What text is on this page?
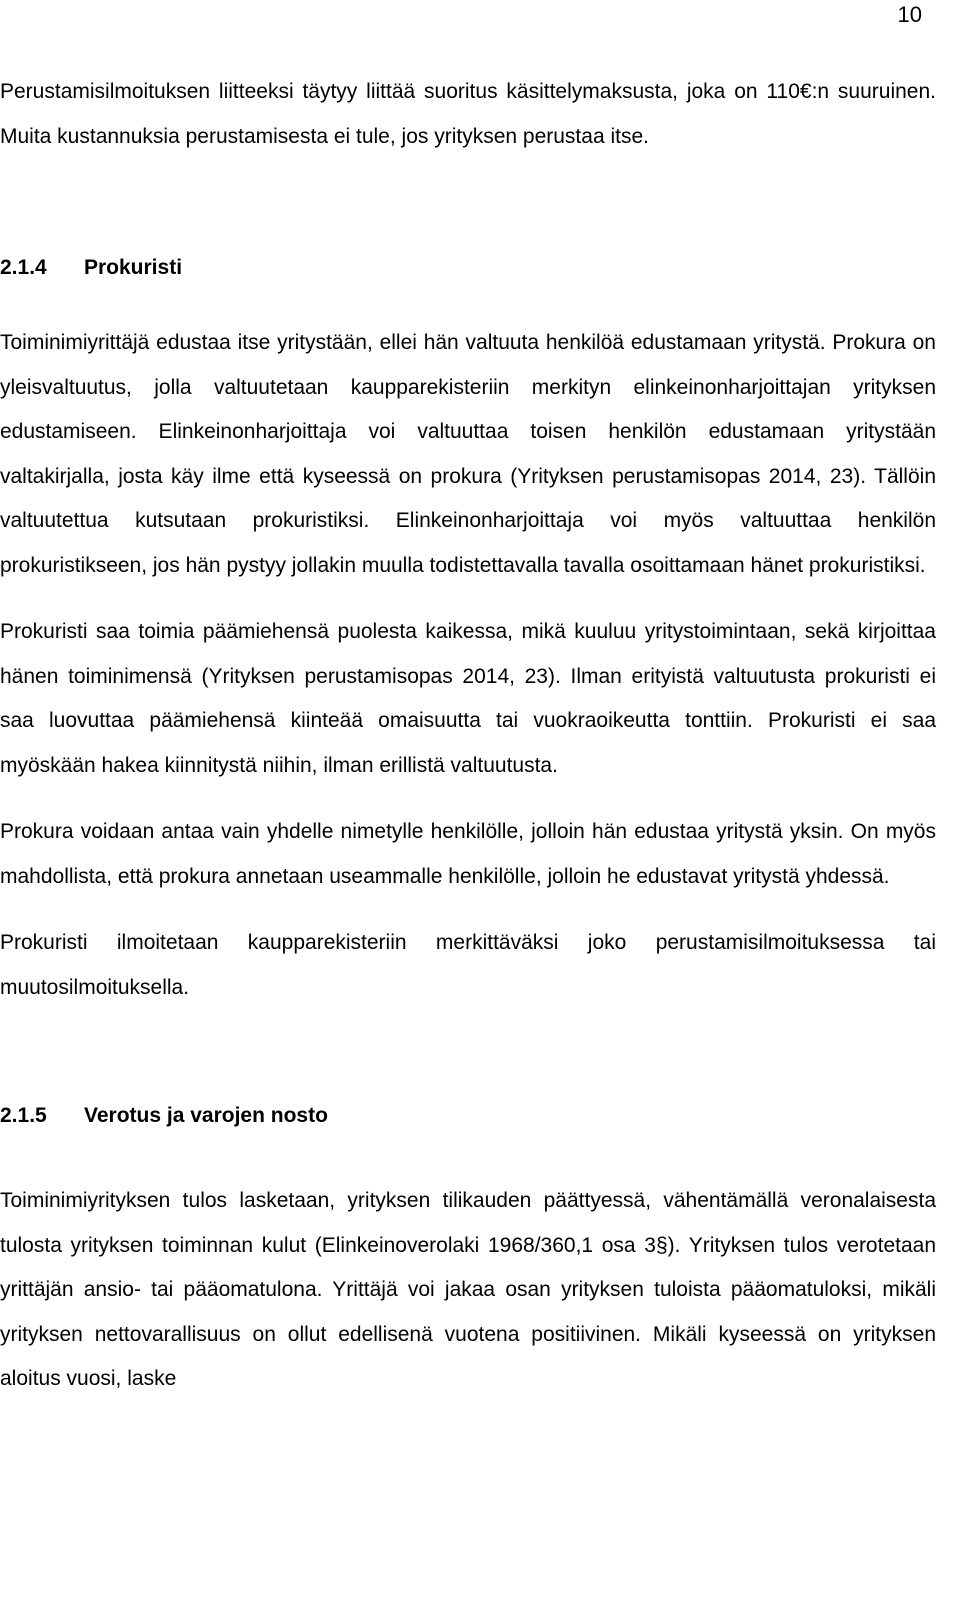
10

Perustamisilmoituksen liitteeksi täytyy liittää suoritus käsittelymaksusta, joka on 110€:n suuruinen. Muita kustannuksia perustamisesta ei tule, jos yrityksen perustaa itse.

2.1.4 Prokuristi

Toiminimiyrittäjä edustaa itse yritystään, ellei hän valtuuta henkilöä edustamaan yritystä. Prokura on yleisvaltuutus, jolla valtuutetaan kaupparekisteriin merkityn elinkeinonharjoittajan yrityksen edustamiseen. Elinkeinonharjoittaja voi valtuuttaa toisen henkilön edustamaan yritystään valtakirjalla, josta käy ilme että kyseessä on prokura (Yrityksen perustamisopas 2014, 23). Tällöin valtuutettua kutsutaan prokuristiksi. Elinkeinonharjoittaja voi myös valtuuttaa henkilön prokuristikseen, jos hän pystyy jollakin muulla todistettavalla tavalla osoittamaan hänet prokuristiksi.

Prokuristi saa toimia päämiehensä puolesta kaikessa, mikä kuuluu yritystoimintaan, sekä kirjoittaa hänen toiminimensä (Yrityksen perustamisopas 2014, 23). Ilman erityistä valtuutusta prokuristi ei saa luovuttaa päämiehensä kiinteää omaisuutta tai vuokraoikeutta tonttiin. Prokuristi ei saa myöskään hakea kiinnitystä niihin, ilman erillistä valtuutusta.

Prokura voidaan antaa vain yhdelle nimetylle henkilölle, jolloin hän edustaa yritystä yksin. On myös mahdollista, että prokura annetaan useammalle henkilölle, jolloin he edustavat yritystä yhdessä.

Prokuristi ilmoitetaan kaupparekisteriin merkittäväksi joko perustamisilmoituksessa tai muutosilmoituksella.

2.1.5 Verotus ja varojen nosto

Toiminimiyrityksen tulos lasketaan, yrityksen tilikauden päättyessä, vähentämällä veronalaisesta tulosta yrityksen toiminnan kulut (Elinkeinoverolaki 1968/360,1 osa 3§). Yrityksen tulos verotetaan yrittäjän ansio- tai pääomatulona. Yrittäjä voi jakaa osan yrityksen tuloista pääomatuloksi, mikäli yrityksen nettovarallisuus on ollut edellisenä vuotena positiivinen. Mikäli kyseessä on yrityksen aloitus vuosi, laske
